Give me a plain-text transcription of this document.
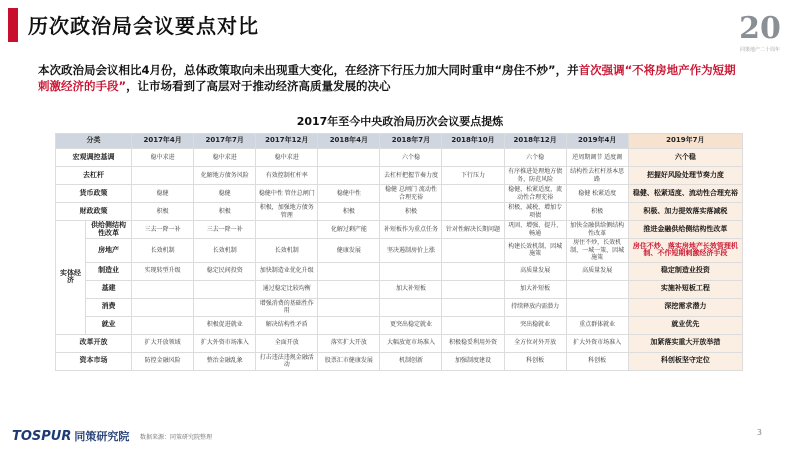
历次政治局会议要点对比	20
同策地产二十周年
本次政治局会议相比4月份，总体政策取向未出现重大变化，在经济下行压力加大同时重申“房住不炒”，并首次强调“不将房地产作为短期刺激经济的手段”，让市场看到了高层对于推动经济高质量发展的决心
2017年至今中央政治局历次会议要点提炼
分类		2017年4月	2017年7月	2017年12月	2018年4月	2018年7月	2018年10月	2018年12月	2019年4月	2019年7月
宏观调控基调		稳中求进	稳中求进	稳中求进		六个稳		六个稳	逆周期调节 适度调	六个稳
去杠杆			化解地方债务风险	有效控制杠杆率		去杠杆把握节奏力度	下行压力	有序推进处理地方债务，防范风险	结构性去杠杆基本思路	把握好风险处理节奏力度
货币政策		稳健	稳健	稳健中性 管住总闸门	稳健中性	稳健 总闸门 流动性合理充裕		稳健，松紧适度，流动性合理充裕	稳健 松紧适度	稳健、松紧适度、流动性合理充裕
财政政策		积极	积极	积极，加强地方债务管理	积极	积极		积极，减税，增加专项债	积极	积极、加力提效落实落减税
实体经济	供给侧结构性改革	三去一降一补	三去一降一补		化解过剩产能	补短板作为重点任务	针对性解决长期问题	巩固、增强、提升、畅通	加快金融供给侧结构性改革	推进金融供给侧结构性改革
	房地产	长效机制	长效机制	长效机制	健康发展	坚决遏制房价上涨		构建长效机制，因城施策	房住不炒，长效机制，一城一策，因城施策	房住不炒、落实房地产长效管理机制、不作短期刺激经济手段
	制造业	实现转型升级	稳定民间投资	加快制造业优化升级				高质量发展	高质量发展	稳定制造业投资
	基建			通过稳定比较均衡		加大补短板		加大补短板		实施补短板工程
	消费			增强消费的基础性作用				持续释放内需潜力		深挖需求潜力
	就业		积极促进就业	解决结构性矛盾		更突出稳定就业		突出稳就业	重点群体就业	就业优先
改革开放		扩大开放领域	扩大外资市场准入	全面开放	落实扩大开放	大幅放宽市场准入	积极稳妥利用外资	全方位对外开放	扩大外资市场准入	加紧落实重大开放举措
资本市场		防控金融风险	整治金融乱象	打击违法违规金融活动	股票汇市健康发展	机制创新	加强制度建设	科创板	科创板	科创板坚守定位
TOSPUR 同策研究院 数据来源：同策研究院整理
3
